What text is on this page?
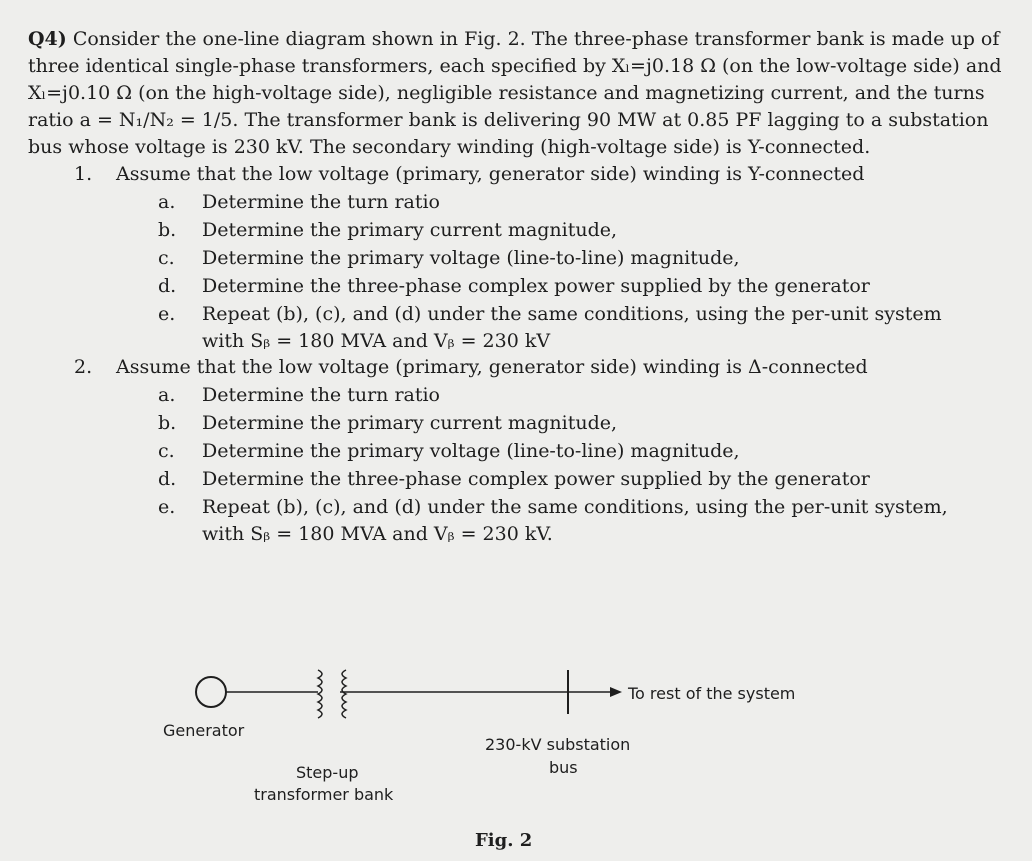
Q4) Consider the one-line diagram shown in Fig. 2. The three-phase transformer bank is made up of three identical single-phase transformers, each specified by Xₗ=j0.18 Ω (on the low-voltage side) and Xₗ=j0.10 Ω (on the high-voltage side), negligible resistance and magnetizing current, and the turns ratio a = N₁/N₂ = 1/5. The transformer bank is delivering 90 MW at 0.85 PF lagging to a substation bus whose voltage is 230 kV. The secondary winding (high-voltage side) is Y-connected.

1. Assume that the low voltage (primary, generator side) winding is Y-connected
a. Determine the turn ratio
b. Determine the primary current magnitude,
c. Determine the primary voltage (line-to-line) magnitude,
d. Determine the three-phase complex power supplied by the generator
e. Repeat (b), (c), and (d) under the same conditions, using the per-unit system
with Sᵦ = 180 MVA and Vᵦ = 230 kV
2. Assume that the low voltage (primary, generator side) winding is Δ-connected
a. Determine the turn ratio
b. Determine the primary current magnitude,
c. Determine the primary voltage (line-to-line) magnitude,
d. Determine the three-phase complex power supplied by the generator
e. Repeat (b), (c), and (d) under the same conditions, using the per-unit system,
with Sᵦ = 180 MVA and Vᵦ = 230 kV.
To rest of the system
Generator
230-kV substation
bus
Step-up
transformer bank
Fig. 2
